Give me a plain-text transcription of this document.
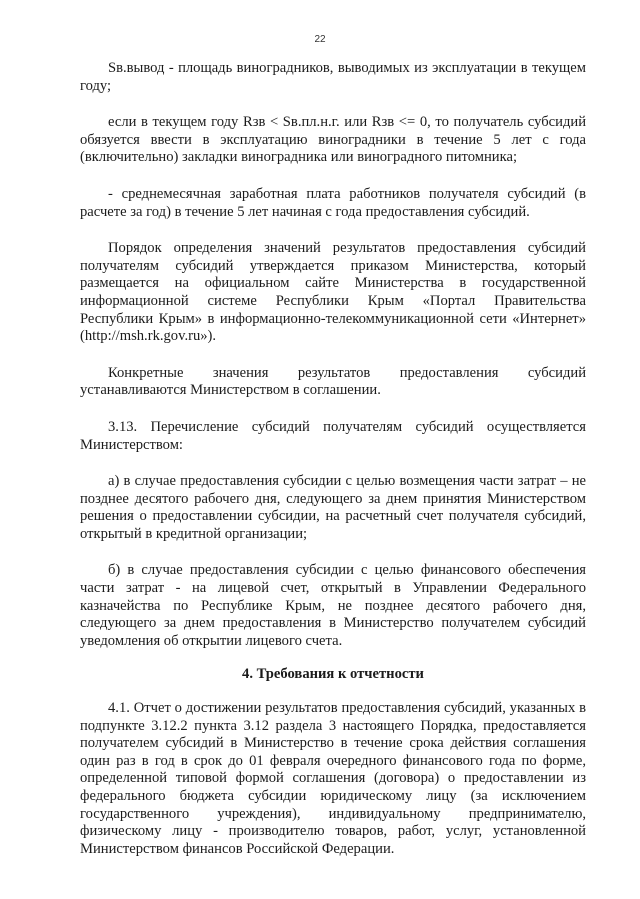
22

Sв.вывод - площадь виноградников, выводимых из эксплуатации в текущем году;

если в текущем году Rзв < Sв.пл.н.г. или Rзв <= 0, то получатель субсидий обязуется ввести в эксплуатацию виноградники в течение 5 лет с года (включительно) закладки виноградника или виноградного питомника;

- среднемесячная заработная плата работников получателя субсидий (в расчете за год) в течение 5 лет начиная с года предоставления субсидий.

Порядок определения значений результатов предоставления субсидий получателям субсидий утверждается приказом Министерства, который размещается на официальном сайте Министерства в государственной информационной системе Республики Крым «Портал Правительства Республики Крым» в информационно-телекоммуникационной сети «Интернет» (http://msh.rk.gov.ru»).

Конкретные значения результатов предоставления субсидий устанавливаются Министерством в соглашении.

3.13. Перечисление субсидий получателям субсидий осуществляется Министерством:

а) в случае предоставления субсидии с целью возмещения части затрат – не позднее десятого рабочего дня, следующего за днем принятия Министерством решения о предоставлении субсидии, на расчетный счет получателя субсидий, открытый в кредитной организации;

б) в случае предоставления субсидии с целью финансового обеспечения части затрат - на лицевой счет, открытый в Управлении Федерального казначейства по Республике Крым, не позднее десятого рабочего дня, следующего за днем предоставления в Министерство получателем субсидий уведомления об открытии лицевого счета.

4. Требования к отчетности

4.1. Отчет о достижении результатов предоставления субсидий, указанных в подпункте 3.12.2 пункта 3.12 раздела 3 настоящего Порядка, предоставляется получателем субсидий в Министерство в течение срока действия соглашения один раз в год в срок до 01 февраля очередного финансового года по форме, определенной типовой формой соглашения (договора) о предоставлении из федерального бюджета субсидии юридическому лицу (за исключением государственного учреждения), индивидуальному предпринимателю, физическому лицу - производителю товаров, работ, услуг, установленной Министерством финансов Российской Федерации.
